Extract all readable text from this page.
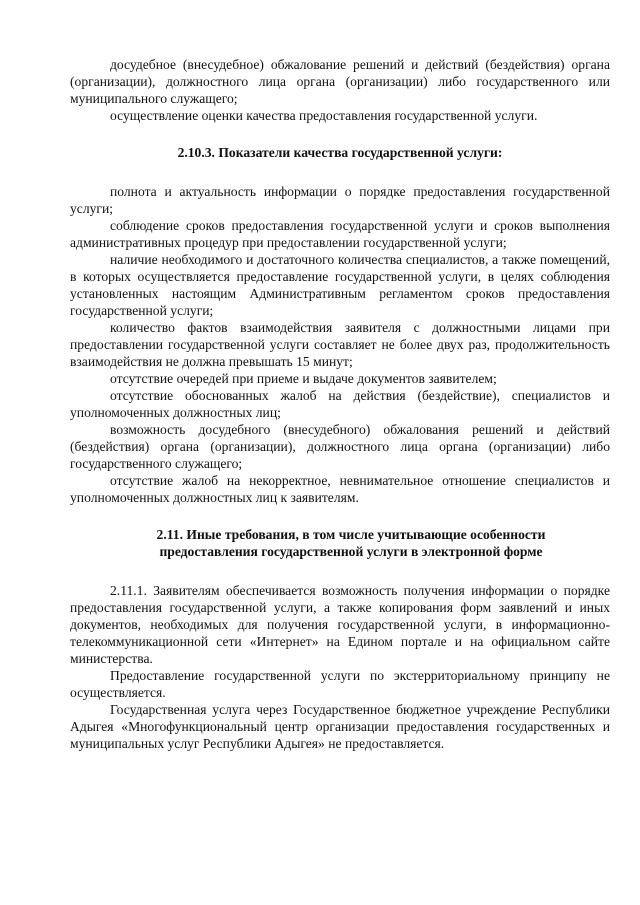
досудебное (внесудебное) обжалование решений и действий (бездействия) органа (организации), должностного лица органа (организации) либо государственного или муниципального служащего;

осуществление оценки качества предоставления государственной услуги.

2.10.3. Показатели качества государственной услуги:

полнота и актуальность информации о порядке предоставления государственной услуги;

соблюдение сроков предоставления государственной услуги и сроков выполнения административных процедур при предоставлении государственной услуги;

наличие необходимого и достаточного количества специалистов, а также помещений, в которых осуществляется предоставление государственной услуги, в целях соблюдения установленных настоящим Административным регламентом сроков предоставления государственной услуги;

количество фактов взаимодействия заявителя с должностными лицами при предоставлении государственной услуги составляет не более двух раз, продолжительность взаимодействия не должна превышать 15 минут;

отсутствие очередей при приеме и выдаче документов заявителем;

отсутствие обоснованных жалоб на действия (бездействие), специалистов и уполномоченных должностных лиц;

возможность досудебного (внесудебного) обжалования решений и действий (бездействия) органа (организации), должностного лица органа (организации) либо государственного служащего;

отсутствие жалоб на некорректное, невнимательное отношение специалистов и уполномоченных должностных лиц к заявителям.

2.11. Иные требования, в том числе учитывающие особенности
предоставления государственной услуги в электронной форме

2.11.1. Заявителям обеспечивается возможность получения информации о порядке предоставления государственной услуги, а также копирования форм заявлений и иных документов, необходимых для получения государственной услуги, в информационно-телекоммуникационной сети «Интернет» на Едином портале и на официальном сайте министерства.

Предоставление государственной услуги по экстерриториальному принципу не осуществляется.

Государственная услуга через Государственное бюджетное учреждение Республики Адыгея «Многофункциональный центр организации предоставления государственных и муниципальных услуг Республики Адыгея» не предоставляется.
